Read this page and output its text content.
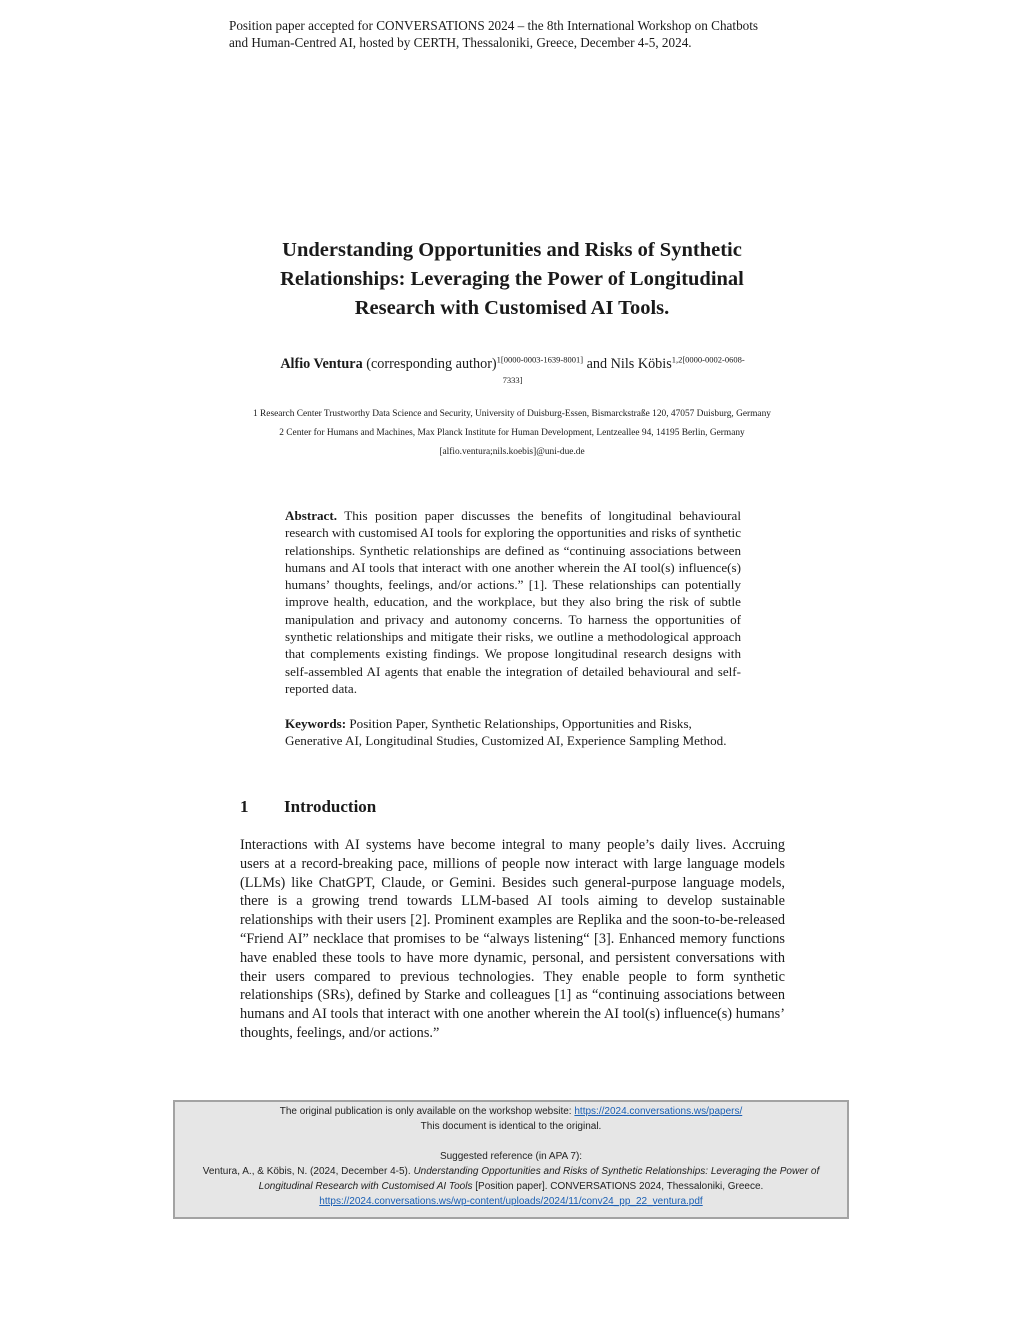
Position paper accepted for CONVERSATIONS 2024 – the 8th International Workshop on Chatbots
and Human-Centred AI, hosted by CERTH, Thessaloniki, Greece, December 4-5, 2024.
Understanding Opportunities and Risks of Synthetic
Relationships: Leveraging the Power of Longitudinal
Research with Customised AI Tools.
Alfio Ventura (corresponding author)$^{1[0000-0003-1639-8001]}$ and Nils Köbis$^{1,2[0000-0002-0608-}$
7333]
1 Research Center Trustworthy Data Science and Security, University of Duisburg-Essen, Bismarckstraße 120, 47057 Duisburg, Germany
2 Center for Humans and Machines, Max Planck Institute for Human Development, Lentzeallee 94, 14195 Berlin, Germany
[alfio.ventura;nils.koebis]@uni-due.de
Abstract. This position paper discusses the benefits of longitudinal behavioural research with customised AI tools for exploring the opportunities and risks of synthetic relationships. Synthetic relationships are defined as “continuing associations between humans and AI tools that interact with one another wherein the AI tool(s) influence(s) humans’ thoughts, feelings, and/or actions.” [1]. These relationships can potentially improve health, education, and the workplace, but they also bring the risk of subtle manipulation and privacy and autonomy concerns. To harness the opportunities of synthetic relationships and mitigate their risks, we outline a methodological approach that complements existing findings. We propose longitudinal research designs with self-assembled AI agents that enable the integration of detailed behavioural and self-reported data.
Keywords: Position Paper, Synthetic Relationships, Opportunities and Risks, Generative AI, Longitudinal Studies, Customized AI, Experience Sampling Method.
1 Introduction
Interactions with AI systems have become integral to many people’s daily lives. Accruing users at a record-breaking pace, millions of people now interact with large language models (LLMs) like ChatGPT, Claude, or Gemini. Besides such general-purpose language models, there is a growing trend towards LLM-based AI tools aiming to develop sustainable relationships with their users [2]. Prominent examples are Replika and the soon-to-be-released “Friend AI” necklace that promises to be “always listening“ [3]. Enhanced memory functions have enabled these tools to have more dynamic, personal, and persistent conversations with their users compared to previous technologies. They enable people to form synthetic relationships (SRs), defined by Starke and colleagues [1] as “continuing associations between humans and AI tools that interact with one another wherein the AI tool(s) influence(s) humans’ thoughts, feelings, and/or actions.”
The original publication is only available on the workshop website: https://2024.conversations.ws/papers/
This document is identical to the original.
Suggested reference (in APA 7):
Ventura, A., & Köbis, N. (2024, December 4-5). Understanding Opportunities and Risks of Synthetic Relationships: Leveraging the Power of
Longitudinal Research with Customised AI Tools [Position paper]. CONVERSATIONS 2024, Thessaloniki, Greece.
https://2024.conversations.ws/wp-content/uploads/2024/11/conv24_pp_22_ventura.pdf
